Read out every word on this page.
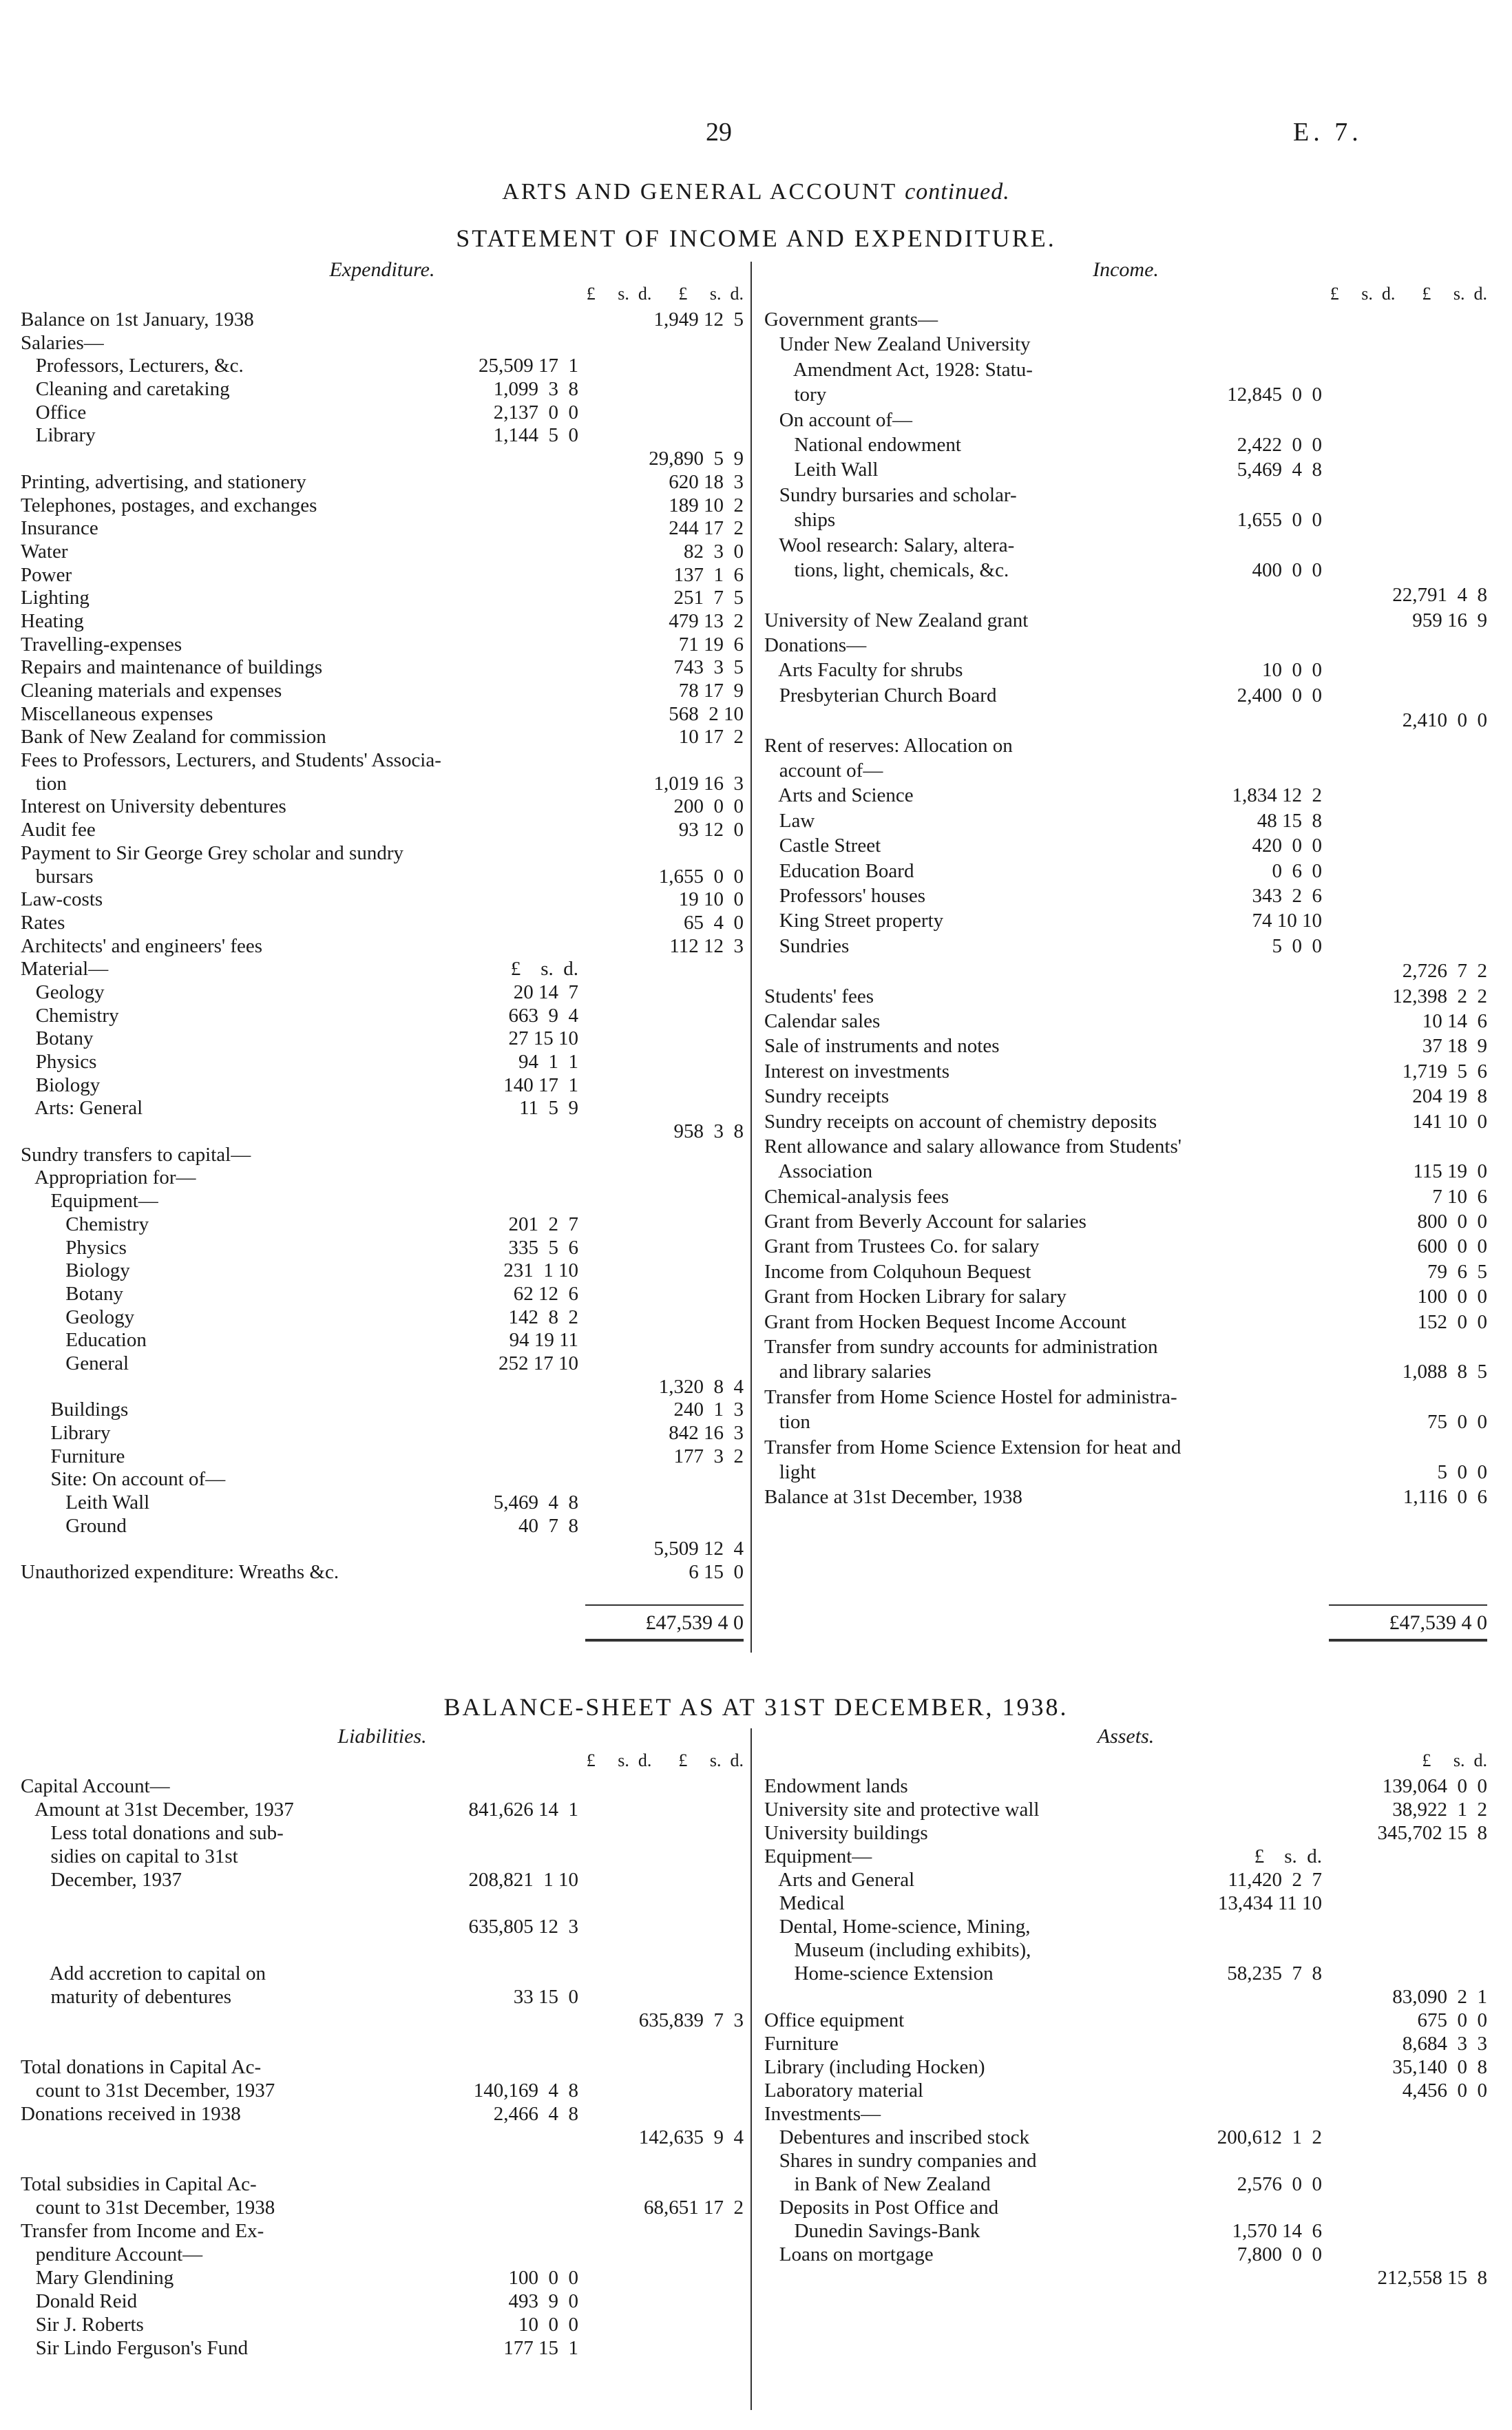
29	E. 7.
ARTS AND GENERAL ACCOUNT continued.
STATEMENT OF INCOME AND EXPENDITURE.
Expenditure.
£     s.  d.      £     s.  d.
Balance on 1st January, 1938	1,949 12  5
Salaries—
Professors, Lecturers, &c.	25,509 17  1
Cleaning and caretaking	1,099  3  8
Office	2,137  0  0
Library	1,144  5  0
29,890  5  9
Printing, advertising, and stationery	620 18  3
Telephones, postages, and exchanges	189 10  2
Insurance	244 17  2
Water	82  3  0
Power	137  1  6
Lighting	251  7  5
Heating	479 13  2
Travelling-expenses	71 19  6
Repairs and maintenance of buildings	743  3  5
Cleaning materials and expenses	78 17  9
Miscellaneous expenses	568  2 10
Bank of New Zealand for commission	10 17  2
Fees to Professors, Lecturers, and Students' Associa-
tion	1,019 16  3
Interest on University debentures	200  0  0
Audit fee	93 12  0
Payment to Sir George Grey scholar and sundry
bursars	1,655  0  0
Law-costs	19 10  0
Rates	65  4  0
Architects' and engineers' fees	112 12  3
Material—	£    s.  d.
Geology	20 14  7
Chemistry	663  9  4
Botany	27 15 10
Physics	94  1  1
Biology	140 17  1
Arts: General	11  5  9
958  3  8
Sundry transfers to capital—
Appropriation for—
Equipment—
Chemistry	201  2  7
Physics	335  5  6
Biology	231  1 10
Botany	62 12  6
Geology	142  8  2
Education	94 19 11
General	252 17 10
1,320  8  4
Buildings	240  1  3
Library	842 16  3
Furniture	177  3  2
Site: On account of—
Leith Wall	5,469  4  8
Ground	40  7  8
5,509 12  4
Unauthorized expenditure: Wreaths &c.	6 15  0
£47,539 4 0
Income.
£     s.  d.      £     s.  d.
Government grants—
Under New Zealand University
Amendment Act, 1928: Statu-
tory	12,845  0  0
On account of—
National endowment	2,422  0  0
Leith Wall	5,469  4  8
Sundry bursaries and scholar-
ships	1,655  0  0
Wool research: Salary, altera-
tions, light, chemicals, &c.	400  0  0
22,791  4  8
University of New Zealand grant	959 16  9
Donations—
Arts Faculty for shrubs	10  0  0
Presbyterian Church Board	2,400  0  0
2,410  0  0
Rent of reserves: Allocation on
account of—
Arts and Science	1,834 12  2
Law	48 15  8
Castle Street	420  0  0
Education Board	0  6  0
Professors' houses	343  2  6
King Street property	74 10 10
Sundries	5  0  0
2,726  7  2
Students' fees	12,398  2  2
Calendar sales	10 14  6
Sale of instruments and notes	37 18  9
Interest on investments	1,719  5  6
Sundry receipts	204 19  8
Sundry receipts on account of chemistry deposits	141 10  0
Rent allowance and salary allowance from Students'
Association	115 19  0
Chemical-analysis fees	7 10  6
Grant from Beverly Account for salaries	800  0  0
Grant from Trustees Co. for salary	600  0  0
Income from Colquhoun Bequest	79  6  5
Grant from Hocken Library for salary	100  0  0
Grant from Hocken Bequest Income Account	152  0  0
Transfer from sundry accounts for administration
and library salaries	1,088  8  5
Transfer from Home Science Hostel for administra-
tion	75  0  0
Transfer from Home Science Extension for heat and
light	5  0  0
Balance at 31st December, 1938	1,116  0  6
£47,539 4 0
BALANCE-SHEET AS AT 31ST DECEMBER, 1938.
Liabilities.
£     s.  d.      £     s.  d.
Capital Account—
Amount at 31st December, 1937	841,626 14  1
Less total donations and sub-
sidies on capital to 31st
December, 1937	208,821  1 10
635,805 12  3
Add accretion to capital on
maturity of debentures	33 15  0
635,839  7  3
Total donations in Capital Ac-
count to 31st December, 1937	140,169  4  8
Donations received in 1938	2,466  4  8
142,635  9  4
Total subsidies in Capital Ac-
count to 31st December, 1938	68,651 17  2
Transfer from Income and Ex-
penditure Account—
Mary Glendining	100  0  0
Donald Reid	493  9  0
Sir J. Roberts	10  0  0
Sir Lindo Ferguson's Fund	177 15  1
Assets.
£     s.  d.
Endowment lands	139,064  0  0
University site and protective wall	38,922  1  2
University buildings	345,702 15  8
Equipment—	£    s.  d.
Arts and General	11,420  2  7
Medical	13,434 11 10
Dental, Home-science, Mining,
Museum (including exhibits),
Home-science Extension	58,235  7  8
83,090  2  1
Office equipment	675  0  0
Furniture	8,684  3  3
Library (including Hocken)	35,140  0  8
Laboratory material	4,456  0  0
Investments—
Debentures and inscribed stock	200,612  1  2
Shares in sundry companies and
in Bank of New Zealand	2,576  0  0
Deposits in Post Office and
Dunedin Savings-Bank	1,570 14  6
Loans on mortgage	7,800  0  0
212,558 15  8
